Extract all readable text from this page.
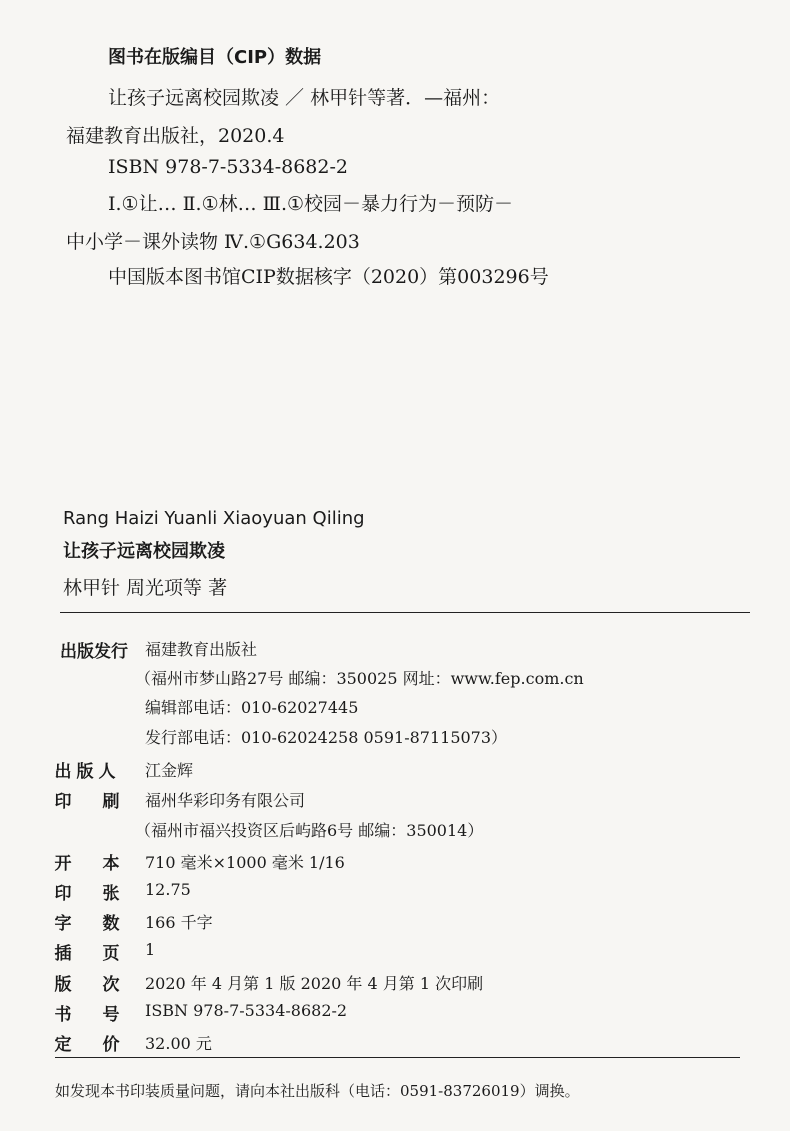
图书在版编目（CIP）数据
让孩子远离校园欺凌 ／ 林甲针等著．—福州：
福建教育出版社，2020.4
ISBN 978-7-5334-8682-2
Ⅰ.①让… Ⅱ.①林… Ⅲ.①校园－暴力行为－预防－
中小学－课外读物 Ⅳ.①G634.203
中国版本图书馆CIP数据核字（2020）第003296号
Rang Haizi Yuanli Xiaoyuan Qiling
让孩子远离校园欺凌
林甲针 周光项等 著
出版发行 福建教育出版社
（福州市梦山路27号 邮编：350025 网址：www.fep.com.cn
编辑部电话：010-62027445
发行部电话：010-62024258 0591-87115073）
出 版 人 江金辉
印 刷 福州华彩印务有限公司
（福州市福兴投资区后屿路6号 邮编：350014）
开 本 710 毫米×1000 毫米 1/16
印 张 12.75
字 数 166 千字
插 页 1
版 次 2020 年 4 月第 1 版 2020 年 4 月第 1 次印刷
书 号 ISBN 978-7-5334-8682-2
定 价 32.00 元
如发现本书印装质量问题，请向本社出版科（电话：0591-83726019）调换。
